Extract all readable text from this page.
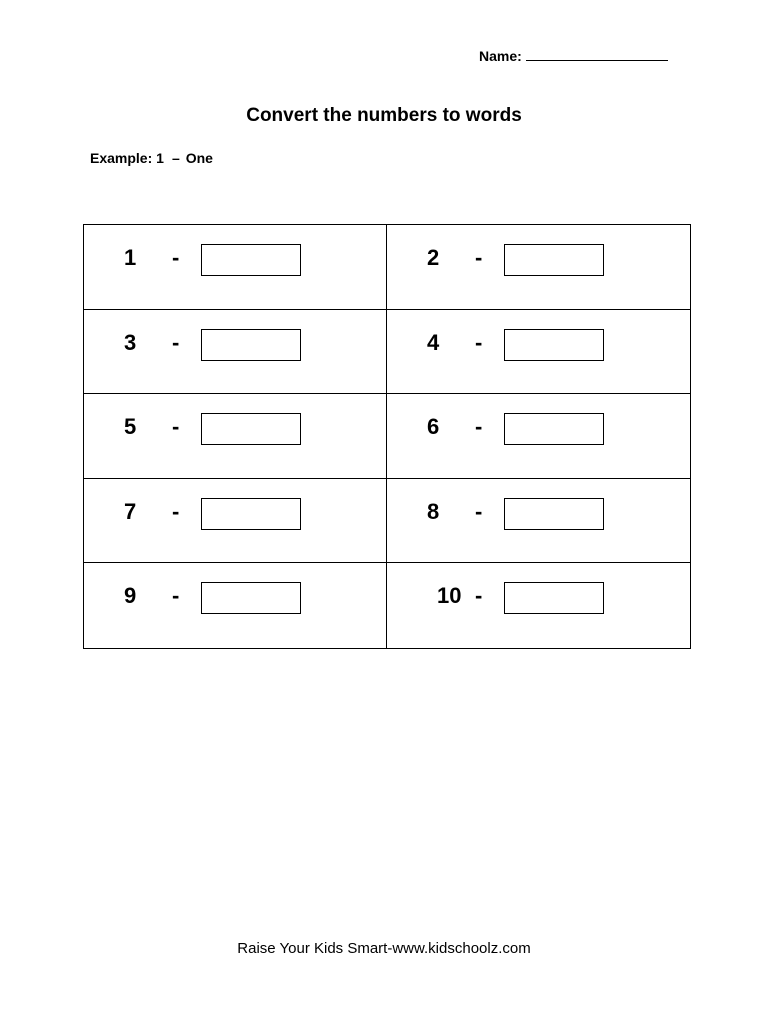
Name:
Convert the numbers to words
Example: 1 – One
1	-	2	-
3	-	4	-
5	-	6	-
7	-	8	-
9	-	10 -
Raise Your Kids Smart-www.kidschoolz.com
